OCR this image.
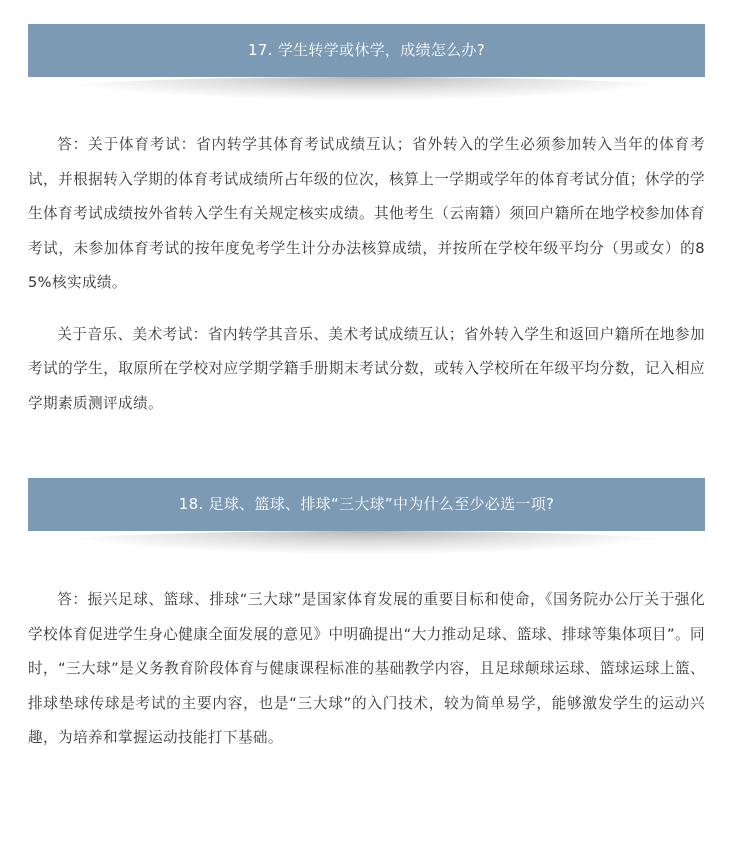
17. 学生转学或休学，成绩怎么办?

答：关于体育考试：省内转学其体育考试成绩互认；省外转入的学生必须参加转入当年的体育考试，并根据转入学期的体育考试成绩所占年级的位次，核算上一学期或学年的体育考试分值；休学的学生体育考试成绩按外省转入学生有关规定核实成绩。其他考生（云南籍）须回户籍所在地学校参加体育考试，未参加体育考试的按年度免考学生计分办法核算成绩，并按所在学校年级平均分（男或女）的85%核实成绩。

关于音乐、美术考试：省内转学其音乐、美术考试成绩互认；省外转入学生和返回户籍所在地参加考试的学生，取原所在学校对应学期学籍手册期末考试分数，或转入学校所在年级平均分数，记入相应学期素质测评成绩。

18. 足球、篮球、排球“三大球”中为什么至少必选一项?

答：振兴足球、篮球、排球“三大球”是国家体育发展的重要目标和使命，《国务院办公厅关于强化学校体育促进学生身心健康全面发展的意见》中明确提出“大力推动足球、篮球、排球等集体项目”。同时，“三大球”是义务教育阶段体育与健康课程标准的基础教学内容，且足球颠球运球、篮球运球上篮、排球垫球传球是考试的主要内容，也是“三大球”的入门技术，较为简单易学，能够激发学生的运动兴趣，为培养和掌握运动技能打下基础。
